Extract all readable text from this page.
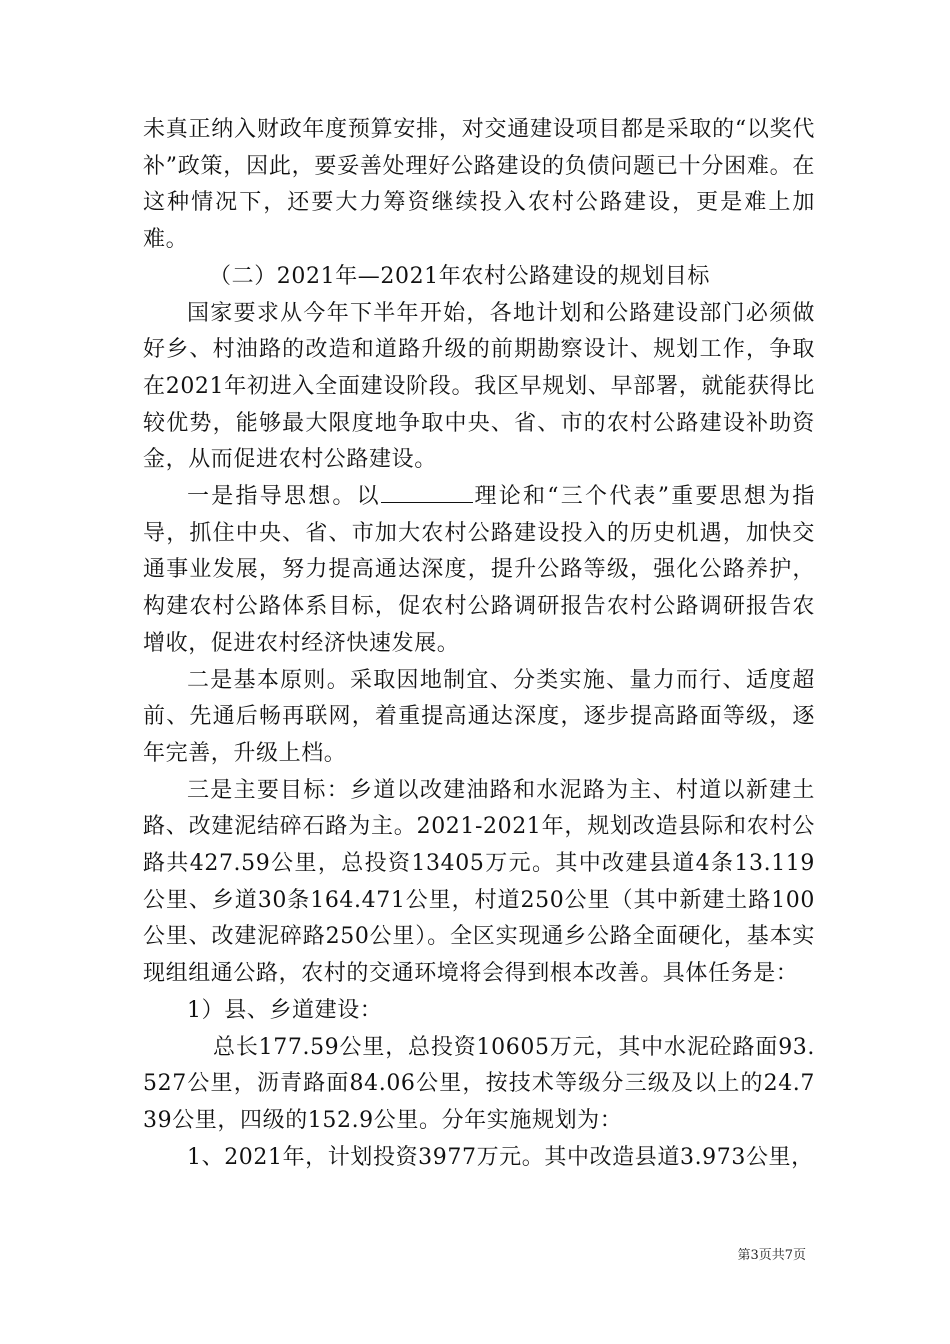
未真正纳入财政年度预算安排，对交通建设项目都是采取的“以奖代补”政策，因此，要妥善处理好公路建设的负债问题已十分困难。在这种情况下，还要大力筹资继续投入农村公路建设，更是难上加难。

（二）2021年—2021年农村公路建设的规划目标

国家要求从今年下半年开始，各地计划和公路建设部门必须做好乡、村油路的改造和道路升级的前期勘察设计、规划工作，争取在2021年初进入全面建设阶段。我区早规划、早部署，就能获得比较优势，能够最大限度地争取中央、省、市的农村公路建设补助资金，从而促进农村公路建设。

一是指导思想。以	理论和“三个代表”重要思想为指导，抓住中央、省、市加大农村公路建设投入的历史机遇，加快交通事业发展，努力提高通达深度，提升公路等级，强化公路养护，构建农村公路体系目标，促农村公路调研报告农村公路调研报告农增收，促进农村经济快速发展。

二是基本原则。采取因地制宜、分类实施、量力而行、适度超前、先通后畅再联网，着重提高通达深度，逐步提高路面等级，逐年完善，升级上档。

三是主要目标：乡道以改建油路和水泥路为主、村道以新建土路、改建泥结碎石路为主。2021-2021年，规划改造县际和农村公路共427.59公里，总投资13405万元。其中改建县道4条13.119公里、乡道30条164.471公里，村道250公里（其中新建土路100公里、改建泥碎路250公里）。全区实现通乡公路全面硬化，基本实现组组通公路，农村的交通环境将会得到根本改善。具体任务是：

1）县、乡道建设：

总长177.59公里，总投资10605万元，其中水泥砼路面93.527公里，沥青路面84.06公里，按技术等级分三级及以上的24.739公里，四级的152.9公里。分年实施规划为：

1、2021年，计划投资3977万元。其中改造县道3.973公里，

第3页共7页
